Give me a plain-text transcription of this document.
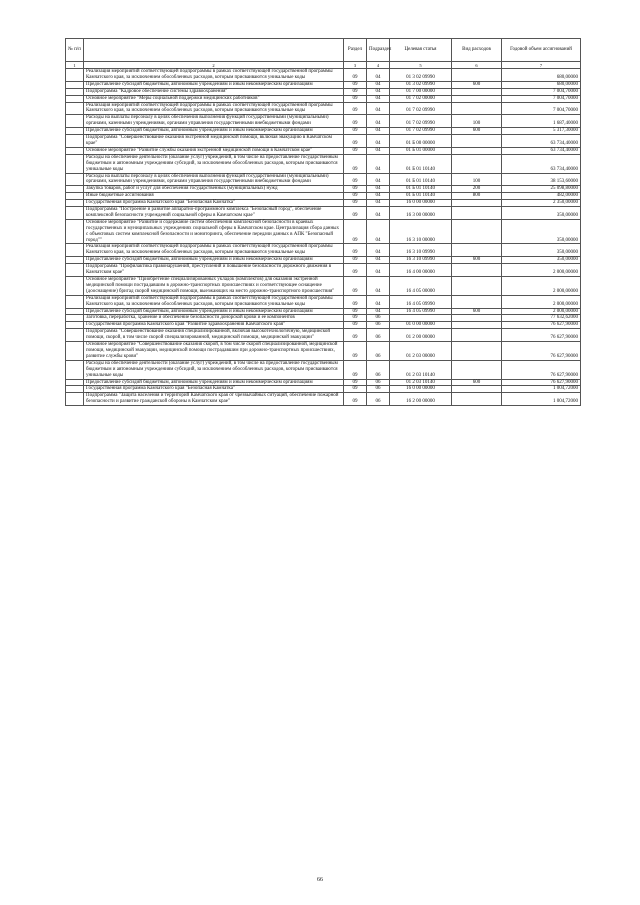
№ п/п		Раздел	Подраздел	Целевая статья	Вид расходов	Годовой объем ассигнований
1	2	3	4	5	6	7
	Реализация мероприятий соответствующей подпрограммы в рамках соответствующей государственной программы Камчатского края, за исключением обособленных расходов, которым присваиваются уникальные коды	09	04	01 3 02 09990		680,00000
	Предоставление субсидий бюджетным, автономным учреждениям и иным некоммерческим организациям	09	04	01 3 02 09990	600	680,00000
	Подпрограмма "Кадровое обеспечение системы здравоохранения"	09	04	01 7 00 00000		7 004,70000
	Основное мероприятие "Меры социальной поддержки медицинских работников"	09	04	01 7 02 00000		7 004,70000
	Реализация мероприятий соответствующей подпрограммы в рамках соответствующей государственной программы Камчатского края, за исключением обособленных расходов, которым присваиваются уникальные коды	09	04	01 7 02 09990		7 004,70000
	Расходы на выплаты персоналу в целях обеспечения выполнения функций государственными (муниципальными) органами, казенными учреждениями, органами управления государственными внебюджетными фондами	09	04	01 7 02 09990	100	1 687,40000
	Предоставление субсидий бюджетным, автономным учреждениям и иным некоммерческим организациям	09	04	01 7 02 09990	600	5 317,30000
	Подпрограмма "Совершенствование оказания экстренной медицинской помощи, включая эвакуацию в Камчатском крае"	09	04	01 Б 00 00000		63 734,40000
	Основное мероприятие "Развитие службы оказания экстренной медицинской помощи в Камчатском крае"	09	04	01 Б 01 00000		63 734,40000
	Расходы на обеспечение деятельности (оказание услуг) учреждений, в том числе на предоставление государственным бюджетным и автономным учреждениям субсидий, за исключением обособленных расходов, которым присваиваются уникальные коды	09	04	01 Б 01 10140		63 734,40000
	Расходы на выплаты персоналу в целях обеспечения выполнения функций государственными (муниципальными) органами, казенными учреждениями, органами управления государственными внебюджетными фондами	09	04	01 Б 01 10140	100	38 153,60000
	Закупка товаров, работ и услуг для обеспечения государственных (муниципальных) нужд	09	04	01 Б 01 10140	200	25 098,80000
	Иные бюджетные ассигнования	09	04	01 Б 01 10140	800	482,00000
	Государственная программа Камчатского края "Безопасная Камчатка"	09	04	16 0 00 00000		2 350,00000
	Подпрограмма "Построение и развитие аппаратно-программного комплекса "Безопасный город", обеспечение комплексной безопасности учреждений социальной сферы в Камчатском крае"	09	04	16 3 00 00000		350,00000
	Основное мероприятие "Развитие и содержание систем обеспечения комплексной безопасности в краевых государственных и муниципальных учреждениях социальной сферы в Камчатском крае. Централизация сбора данных с объектовых систем комплексной безопасности и мониторинга, обеспечение передачи данных в АПК "Безопасный город""	09	04	16 3 10 00000		350,00000
	Реализация мероприятий соответствующей подпрограммы в рамках соответствующей государственной программы Камчатского края, за исключением обособленных расходов, которым присваиваются уникальные коды	09	04	16 3 10 09990		350,00000
	Предоставление субсидий бюджетным, автономным учреждениям и иным некоммерческим организациям	09	04	16 3 10 09990	600	350,00000
	Подпрограмма "Профилактика правонарушений, преступлений и повышение безопасности дорожного движения в Камчатском крае"	09	04	16 4 00 00000		2 000,00000
	Основное мероприятие "Приобретение специализированных укладок (комплектов) для оказания экстренной медицинской помощи пострадавшим в дорожно-транспортных происшествиях и соответствующее оснащение (дооснащение) бригад скорой медицинской помощи, выезжающих на место дорожно-транспортного происшествия"	09	04	16 4 05 00000		2 000,00000
	Реализация мероприятий соответствующей подпрограммы в рамках соответствующей государственной программы Камчатского края, за исключением обособленных расходов, которым присваиваются уникальные коды	09	04	16 4 05 09990		2 000,00000
	Предоставление субсидий бюджетным, автономным учреждениям и иным некоммерческим организациям	09	04	16 4 05 09990	600	2 000,00000
	Заготовка, переработка, хранение и обеспечение безопасности донорской крови и ее компонентов	09	06			77 632,62000
	Государственная программа Камчатского края "Развитие здравоохранения Камчатского края"	09	06	01 0 00 00000		76 627,90000
	Подпрограмма "Совершенствование оказания специализированной, включая высокотехнологичную, медицинской помощи, скорой, в том числе скорой специализированной, медицинской помощи, медицинской эвакуации"	09	06	01 2 00 00000		76 627,90000
	Основное мероприятие "Совершенствование оказания скорой, в том числе скорой специализированной, медицинской помощи, медицинской эвакуации, медицинской помощи пострадавшим при дорожно-транспортных происшествиях, развитие службы крови"	09	06	01 2 03 00000		76 627,90000
	Расходы на обеспечение деятельности (оказание услуг) учреждений, в том числе на предоставление государственным бюджетным и автономным учреждениям субсидий, за исключением обособленных расходов, которым присваиваются уникальные коды	09	06	01 2 03 10140		76 627,90000
	Предоставление субсидий бюджетным, автономным учреждениям и иным некоммерческим организациям	09	06	01 2 03 10140	600	76 627,90000
	Государственная программа Камчатского края "Безопасная Камчатка"	09	06	16 0 00 00000		1 004,72000
	Подпрограмма "Защита населения и территорий Камчатского края от чрезвычайных ситуаций, обеспечение пожарной безопасности и развитие гражданской обороны в Камчатском крае"	09	06	16 2 00 00000		1 004,72000
66
